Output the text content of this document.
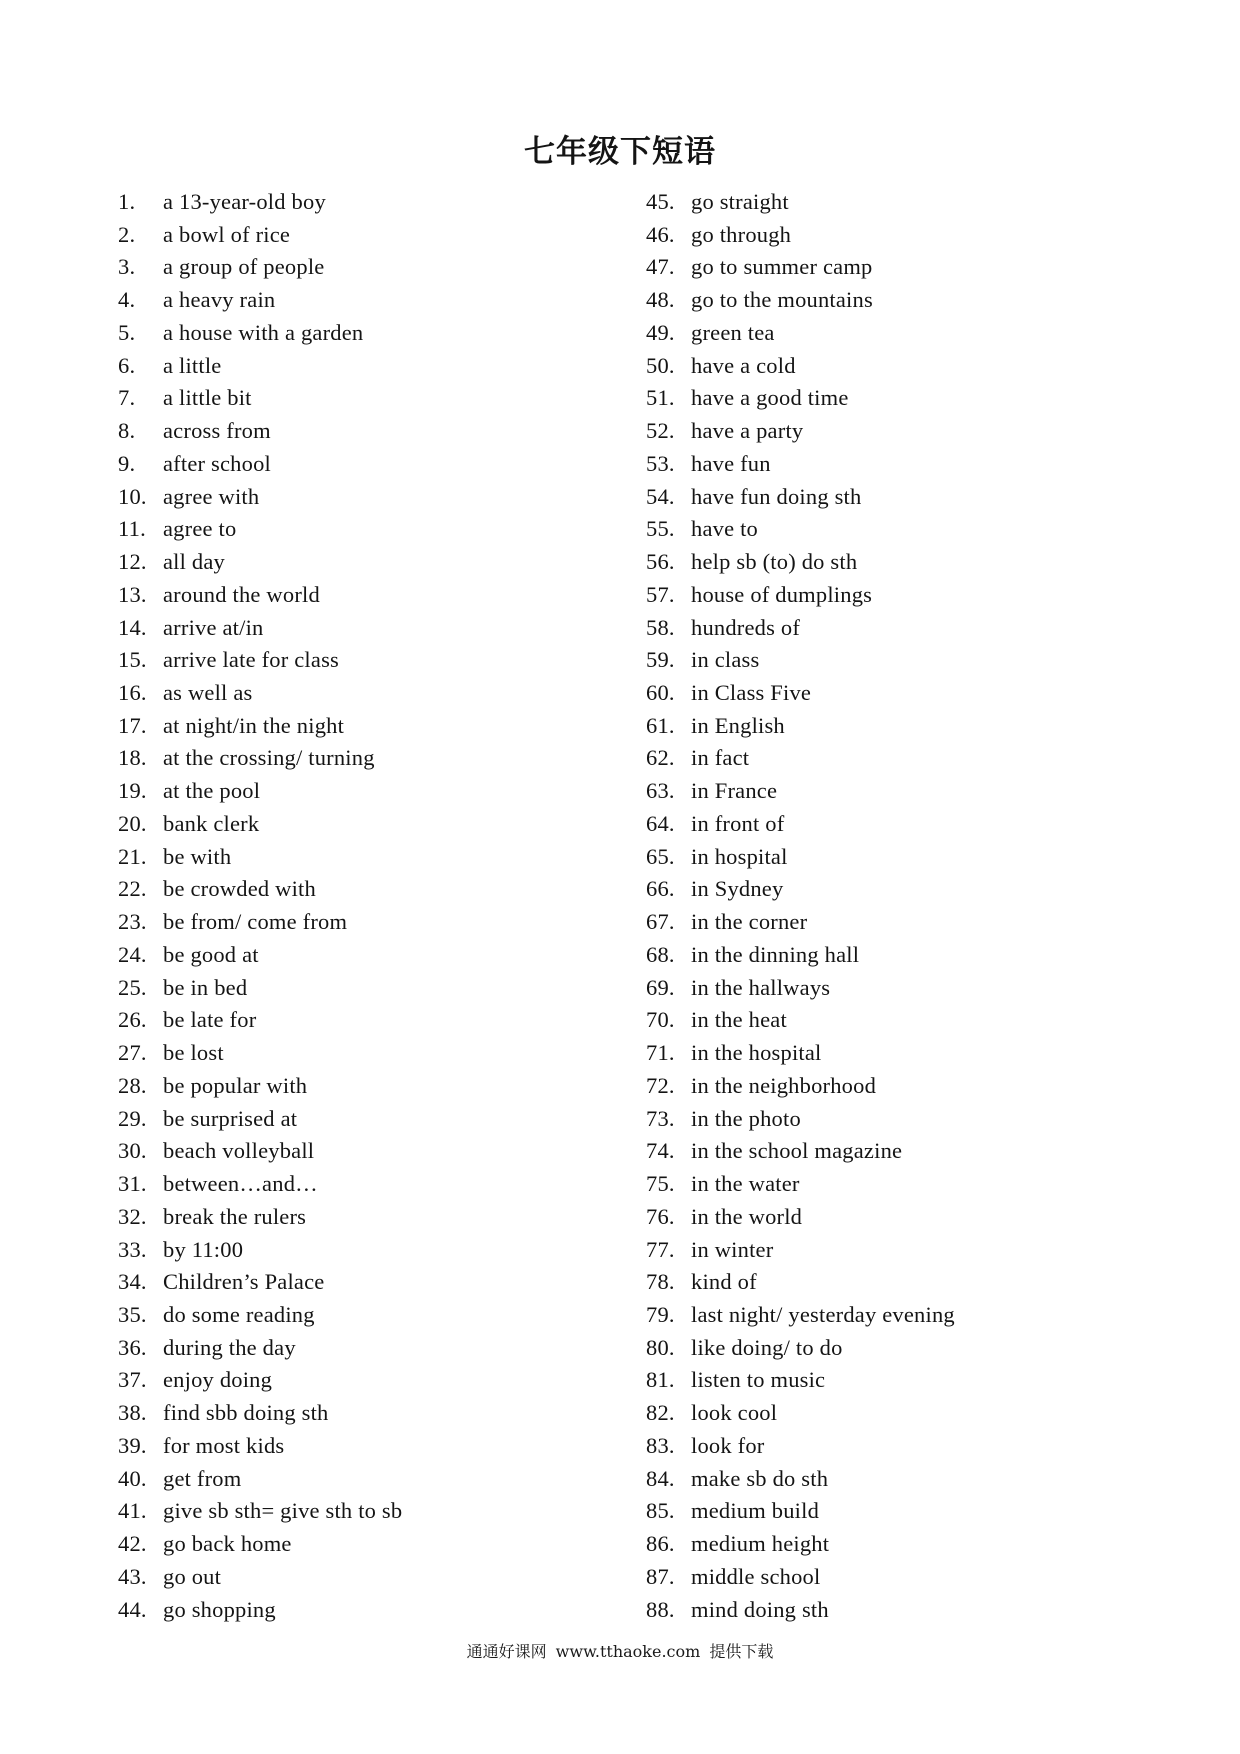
七年级下短语
1.	a 13-year-old boy
2.	a bowl of rice
3.	a group of people
4.	a heavy rain
5.	a house with a garden
6.	a little
7.	a little bit
8.	across from
9.	after school
10. agree with
11. agree to
12. all day
13. around the world
14. arrive at/in
15. arrive late for class
16. as well as
17. at night/in the night
18. at the crossing/ turning
19. at the pool
20. bank clerk
21. be with
22. be crowded with
23. be from/ come from
24. be good at
25. be in bed
26. be late for
27. be lost
28. be popular with
29. be surprised at
30. beach volleyball
31. between…and…
32. break the rulers
33. by 11:00
34. Children’s Palace
35. do some reading
36. during the day
37. enjoy doing
38. find sbb doing sth
39. for most kids
40. get from
41. give sb sth= give sth to sb
42. go back home
43. go out
44. go shopping
45. go straight
46. go through
47. go to summer camp
48. go to the mountains
49. green tea
50. have a cold
51. have a good time
52. have a party
53. have fun
54. have fun doing sth
55. have to
56. help sb (to) do sth
57. house of dumplings
58. hundreds of
59. in class
60. in Class Five
61. in English
62. in fact
63. in France
64. in front of
65. in hospital
66. in Sydney
67. in the corner
68. in the dinning hall
69. in the hallways
70. in the heat
71. in the hospital
72. in the neighborhood
73. in the photo
74. in the school magazine
75. in the water
76. in the world
77. in winter
78. kind of
79. last night/ yesterday evening
80. like doing/ to do
81. listen to music
82. look cool
83. look for
84. make sb do sth
85. medium build
86. medium height
87. middle school
88. mind doing sth
通通好课网 www.tthaoke.com 提供下载
